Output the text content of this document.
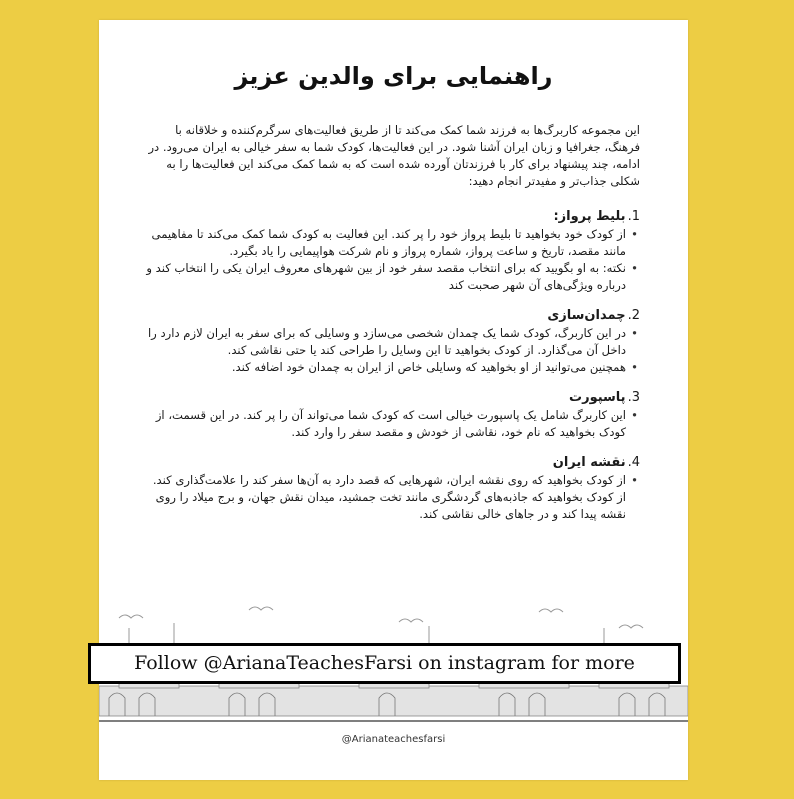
راهنمایی برای والدین عزیز

این مجموعه کاربرگ‌ها به فرزند شما کمک می‌کند تا از طریق فعالیت‌های سرگرم‌کننده و خلاقانه با فرهنگ، جغرافیا و زبان ایران آشنا شود. در این فعالیت‌ها، کودک شما به سفر خیالی به ایران می‌رود. در ادامه، چند پیشنهاد برای کار با فرزندتان آورده شده است که به شما کمک می‌کند این فعالیت‌ها را به شکلی جذاب‌تر و مفیدتر انجام دهید:

1.بلیط پرواز:
• از کودک خود بخواهید تا بلیط پرواز خود را پر کند. این فعالیت به کودک شما کمک می‌کند تا مفاهیمی مانند مقصد، تاریخ و ساعت پرواز، شماره پرواز و نام شرکت هواپیمایی را یاد بگیرد.
• نکته: به او بگویید که برای انتخاب مقصد سفر خود از بین شهرهای معروف ایران یکی را انتخاب کند و درباره ویژگی‌های آن شهر صحبت کند
2.چمدان‌سازی
• در این کاربرگ، کودک شما یک چمدان شخصی می‌سازد و وسایلی که برای سفر به ایران لازم دارد را داخل آن می‌گذارد. از کودک بخواهید تا این وسایل را طراحی کند یا حتی نقاشی کند.
• همچنین می‌توانید از او بخواهید که وسایلی خاص از ایران به چمدان خود اضافه کند.
3.پاسپورت
• این کاربرگ شامل یک پاسپورت خیالی است که کودک شما می‌تواند آن را پر کند. در این قسمت، از کودک بخواهید که نام خود، نقاشی از خودش و مقصد سفر را وارد کند.
4.نقشه ایران
• از کودک بخواهید که روی نقشه ایران، شهرهایی که قصد دارد به آن‌ها سفر کند را علامت‌گذاری کند. از کودک بخواهید که جاذبه‌های گردشگری مانند تخت جمشید، میدان نقش جهان، و برج میلاد را روی نقشه پیدا کند و در جاهای خالی نقاشی کند.
@Arianateachesfarsi
Follow @ArianaTeachesFarsi on instagram for more
